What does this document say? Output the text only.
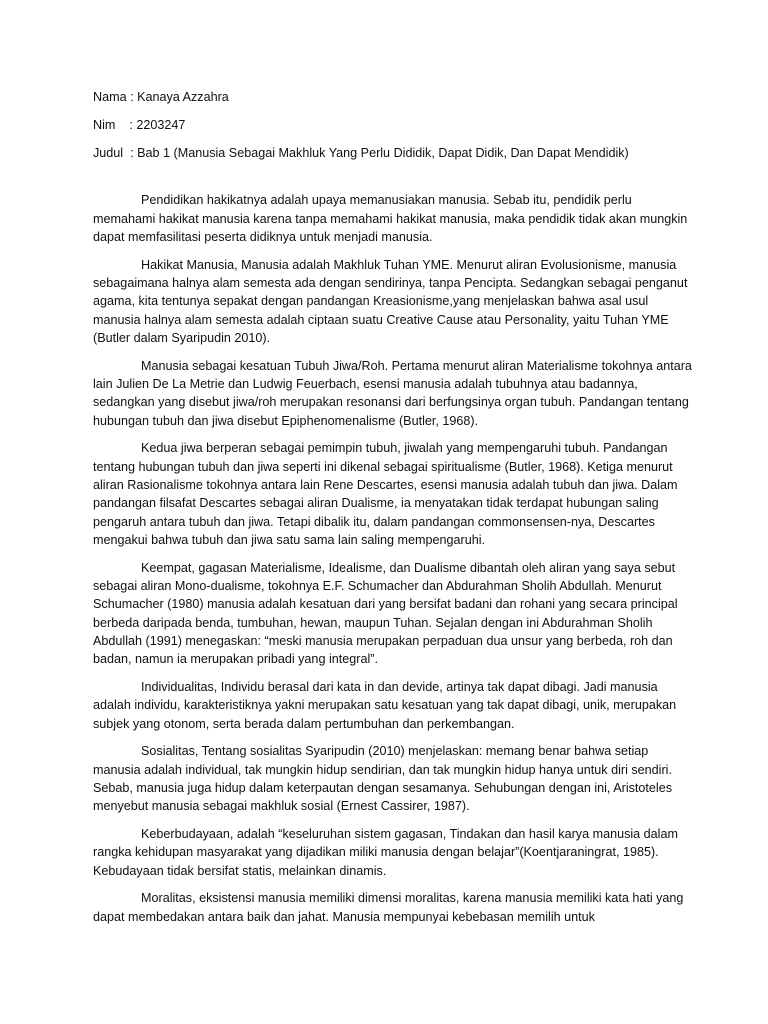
Nama : Kanaya Azzahra
Nim    : 2203247
Judul  : Bab 1 (Manusia Sebagai Makhluk Yang Perlu Dididik, Dapat Didik, Dan Dapat Mendidik)

Pendidikan hakikatnya adalah upaya memanusiakan manusia. Sebab itu, pendidik perlu memahami hakikat manusia karena tanpa memahami hakikat manusia, maka pendidik tidak akan mungkin dapat memfasilitasi peserta didiknya untuk menjadi manusia.

Hakikat Manusia, Manusia adalah Makhluk Tuhan YME. Menurut aliran Evolusionisme, manusia sebagaimana halnya alam semesta ada dengan sendirinya, tanpa Pencipta. Sedangkan sebagai penganut agama, kita tentunya sepakat dengan pandangan Kreasionisme,yang menjelaskan bahwa asal usul manusia halnya alam semesta adalah ciptaan suatu Creative Cause atau Personality, yaitu Tuhan YME (Butler dalam Syaripudin 2010).

Manusia sebagai kesatuan Tubuh Jiwa/Roh. Pertama menurut aliran Materialisme tokohnya antara lain Julien De La Metrie dan Ludwig Feuerbach, esensi manusia adalah tubuhnya atau badannya, sedangkan yang disebut jiwa/roh merupakan resonansi dari berfungsinya organ tubuh. Pandangan tentang hubungan tubuh dan jiwa disebut Epiphenomenalisme (Butler, 1968).

Kedua jiwa berperan sebagai pemimpin tubuh, jiwalah yang mempengaruhi tubuh. Pandangan tentang hubungan tubuh dan jiwa seperti ini dikenal sebagai spiritualisme (Butler, 1968). Ketiga menurut aliran Rasionalisme tokohnya antara lain Rene Descartes, esensi manusia adalah tubuh dan jiwa. Dalam pandangan filsafat Descartes sebagai aliran Dualisme, ia menyatakan tidak terdapat hubungan saling pengaruh antara tubuh dan jiwa. Tetapi dibalik itu, dalam pandangan commonsensen-nya, Descartes mengakui bahwa tubuh dan jiwa satu sama lain saling mempengaruhi.

Keempat, gagasan Materialisme, Idealisme, dan Dualisme dibantah oleh aliran yang saya sebut sebagai aliran Mono-dualisme, tokohnya E.F. Schumacher dan Abdurahman Sholih Abdullah. Menurut Schumacher (1980) manusia adalah kesatuan dari yang bersifat badani dan rohani yang secara principal berbeda daripada benda, tumbuhan, hewan, maupun Tuhan. Sejalan dengan ini Abdurahman Sholih Abdullah (1991) menegaskan: “meski manusia merupakan perpaduan dua unsur yang berbeda, roh dan badan, namun ia merupakan pribadi yang integral”.

Individualitas, Individu berasal dari kata in dan devide, artinya tak dapat dibagi. Jadi manusia adalah individu, karakteristiknya yakni merupakan satu kesatuan yang tak dapat dibagi, unik, merupakan subjek yang otonom, serta berada dalam pertumbuhan dan perkembangan.

Sosialitas, Tentang sosialitas Syaripudin (2010) menjelaskan: memang benar bahwa setiap manusia adalah individual, tak mungkin hidup sendirian, dan tak mungkin hidup hanya untuk diri sendiri. Sebab, manusia juga hidup dalam keterpautan dengan sesamanya. Sehubungan dengan ini, Aristoteles menyebut manusia sebagai makhluk sosial (Ernest Cassirer, 1987).

Keberbudayaan, adalah “keseluruhan sistem gagasan, Tindakan dan hasil karya manusia dalam rangka kehidupan masyarakat yang dijadikan miliki manusia dengan belajar”(Koentjaraningrat, 1985). Kebudayaan tidak bersifat statis, melainkan dinamis.

Moralitas, eksistensi manusia memiliki dimensi moralitas, karena manusia memiliki kata hati yang dapat membedakan antara baik dan jahat. Manusia mempunyai kebebasan memilih untuk
